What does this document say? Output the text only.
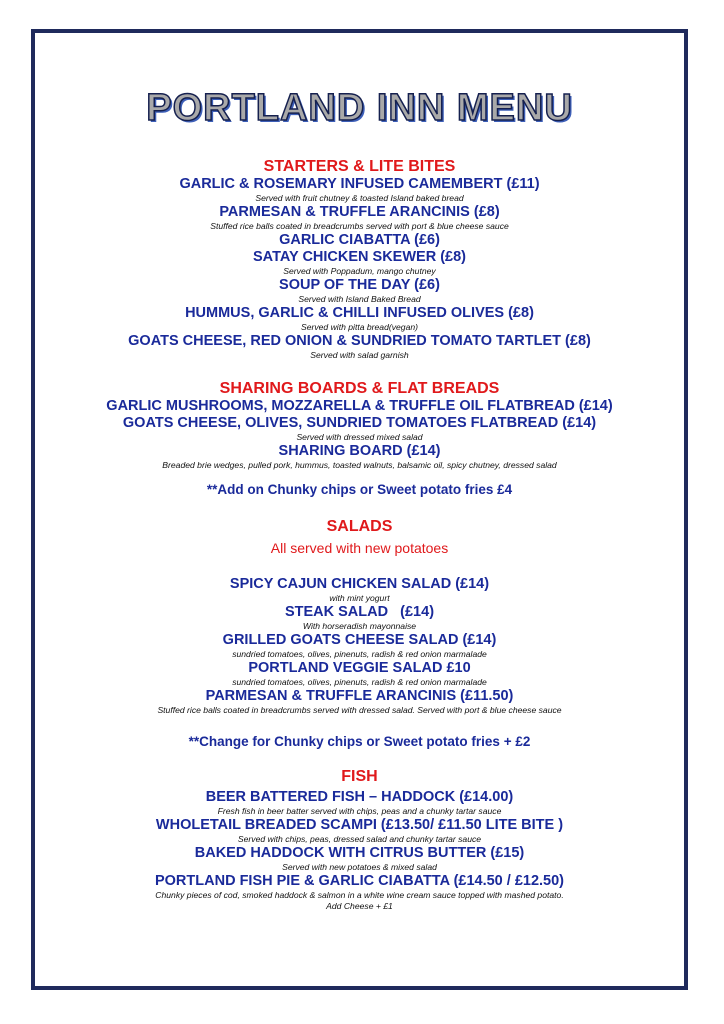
PORTLAND INN MENU
STARTERS & LITE BITES
GARLIC & ROSEMARY INFUSED CAMEMBERT (£11)
Served with fruit chutney & toasted Island baked bread
PARMESAN & TRUFFLE ARANCINIS (£8)
Stuffed rice balls coated in breadcrumbs served with port & blue cheese sauce
GARLIC CIABATTA (£6)
SATAY CHICKEN SKEWER (£8)
Served with Poppadum, mango chutney
SOUP OF THE DAY (£6)
Served with Island Baked Bread
HUMMUS, GARLIC & CHILLI INFUSED OLIVES (£8)
Served with pitta bread(vegan)
GOATS CHEESE, RED ONION & SUNDRIED TOMATO TARTLET (£8)
Served with salad garnish
SHARING BOARDS & FLAT BREADS
GARLIC MUSHROOMS, MOZZARELLA & TRUFFLE OIL FLATBREAD (£14)
GOATS CHEESE, OLIVES, SUNDRIED TOMATOES FLATBREAD (£14)
Served with dressed mixed salad
SHARING BOARD (£14)
Breaded brie wedges, pulled pork, hummus, toasted walnuts, balsamic oil, spicy chutney, dressed salad
**Add on Chunky chips or Sweet potato fries £4
SALADS
All served with new potatoes
SPICY CAJUN CHICKEN SALAD (£14)
with mint yogurt
STEAK SALAD   (£14)
With horseradish mayonnaise
GRILLED GOATS CHEESE SALAD (£14)
sundried tomatoes, olives, pinenuts, radish & red onion marmalade
PORTLAND VEGGIE SALAD £10
sundried tomatoes, olives, pinenuts, radish & red onion marmalade
PARMESAN & TRUFFLE ARANCINIS (£11.50)
Stuffed rice balls coated in breadcrumbs served with dressed salad. Served with port & blue cheese sauce
**Change for Chunky chips or Sweet potato fries + £2
FISH
BEER BATTERED FISH – HADDOCK (£14.00)
Fresh fish in beer batter served with chips, peas and a chunky tartar sauce
WHOLETAIL BREADED SCAMPI (£13.50/ £11.50 LITE BITE )
Served with chips, peas, dressed salad and chunky tartar sauce
BAKED HADDOCK WITH CITRUS BUTTER (£15)
Served with new potatoes & mixed salad
PORTLAND FISH PIE & GARLIC CIABATTA (£14.50 / £12.50)
Chunky pieces of cod, smoked haddock & salmon in a white wine cream sauce topped with mashed potato.
Add Cheese + £1
